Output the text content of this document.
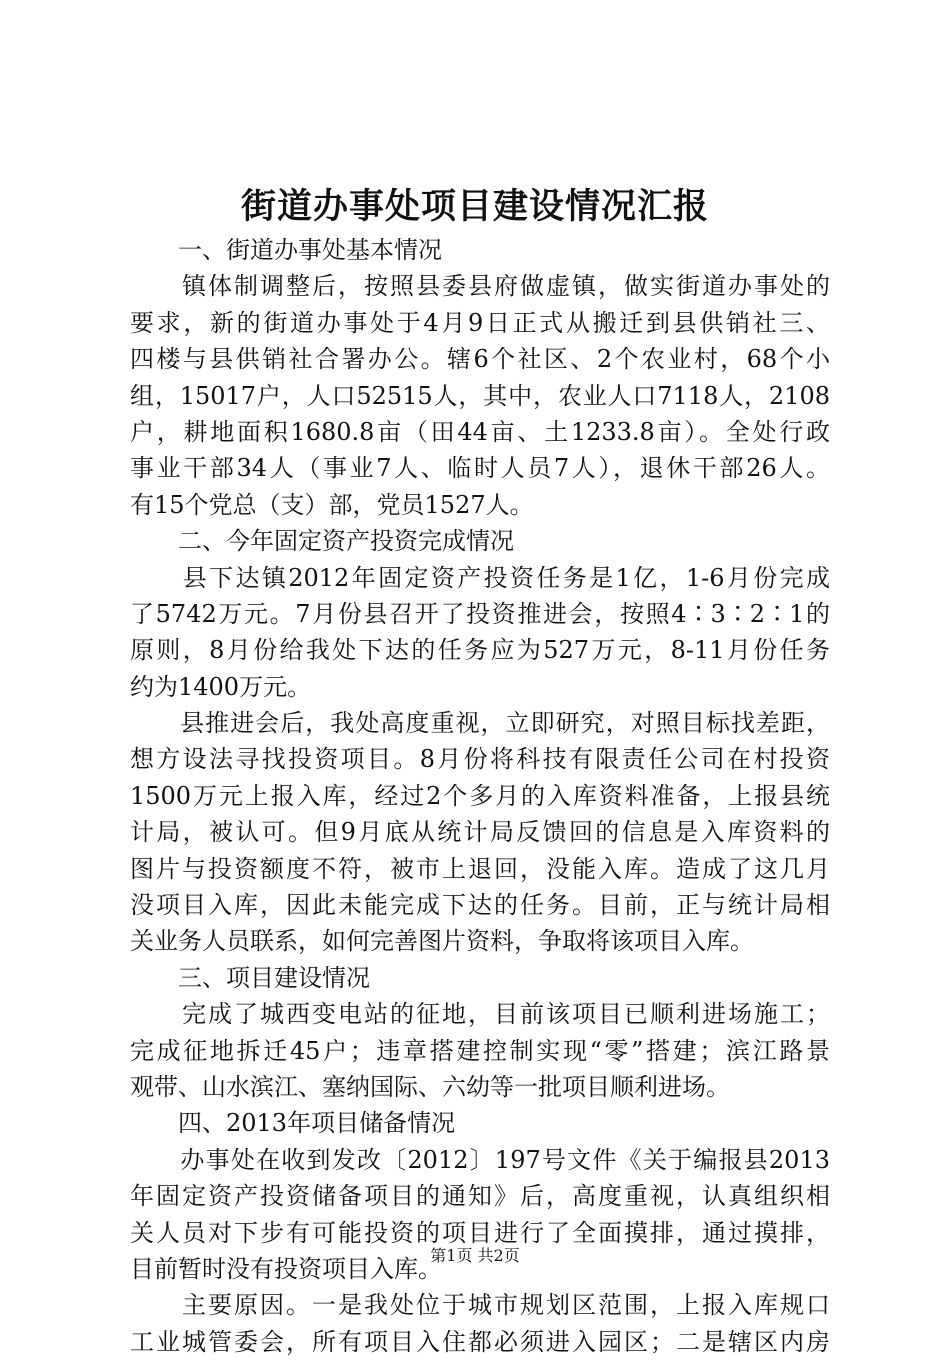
街道办事处项目建设情况汇报
　　一、街道办事处基本情况
　　镇体制调整后，按照县委县府做虚镇，做实街道办事处的
要求，新的街道办事处于4月9日正式从搬迁到县供销社三、
四楼与县供销社合署办公。辖6个社区、2个农业村，68个小
组，15017户，人口52515人，其中，农业人口7118人，2108
户，耕地面积1680.8亩（田44亩、土1233.8亩）。全处行政
事业干部34人（事业7人、临时人员7人），退休干部26人。
有15个党总（支）部，党员1527人。
　　二、今年固定资产投资完成情况
　　县下达镇2012年固定资产投资任务是1亿，1-6月份完成
了5742万元。7月份县召开了投资推进会，按照4∶3∶2∶1的
原则，8月份给我处下达的任务应为527万元，8-11月份任务
约为1400万元。
　　县推进会后，我处高度重视，立即研究，对照目标找差距，
想方设法寻找投资项目。8月份将科技有限责任公司在村投资
1500万元上报入库，经过2个多月的入库资料准备，上报县统
计局，被认可。但9月底从统计局反馈回的信息是入库资料的
图片与投资额度不符，被市上退回，没能入库。造成了这几月
没项目入库，因此未能完成下达的任务。目前，正与统计局相
关业务人员联系，如何完善图片资料，争取将该项目入库。
　　三、项目建设情况
　　完成了城西变电站的征地，目前该项目已顺利进场施工；
完成征地拆迁45户；违章搭建控制实现“零”搭建；滨江路景
观带、山水滨江、塞纳国际、六幼等一批项目顺利进场。
　　四、2013年项目储备情况
　　办事处在收到发改〔2012〕197号文件《关于编报县2013
年固定资产投资储备项目的通知》后，高度重视，认真组织相
关人员对下步有可能投资的项目进行了全面摸排，通过摸排，
目前暂时没有投资项目入库。
　　主要原因。一是我处位于城市规划区范围，上报入库规口
工业城管委会，所有项目入住都必须进入园区；二是辖区内房
第1页 共2页
